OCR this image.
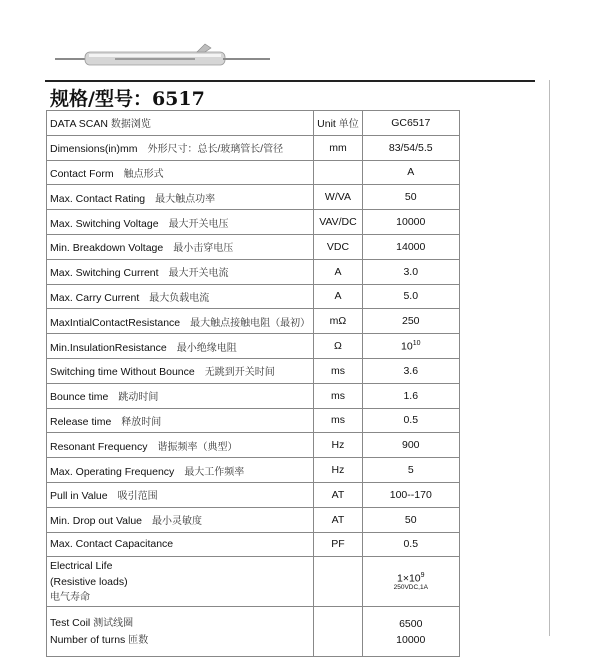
规格/型号：6517
DATA SCAN 数据浏览	Unit 单位	GC6517
Dimensions(in)mm 外形尺寸：总长/玻璃管长/管径	mm	83/54/5.5
Contact Form 触点形式		A
Max. Contact Rating 最大触点功率	W/VA	50
Max. Switching Voltage 最大开关电压	VAV/DC	10000
Min. Breakdown Voltage 最小击穿电压	VDC	14000
Max. Switching Current 最大开关电流	A	3.0
Max. Carry Current 最大负载电流	A	5.0
MaxIntialContactResistance 最大触点接触电阻（最初）	mΩ	250
Min.InsulationResistance 最小绝缘电阻	Ω	$10^{10}$
Switching time Without Bounce 无跳到开关时间	ms	3.6
Bounce time 跳动时间	ms	1.6
Release time 释放时间	ms	0.5
Resonant Frequency 谐振频率（典型）	Hz	900
Max. Operating Frequency 最大工作频率	Hz	5
Pull in Value 吸引范围	AT	100--170
Min. Drop out Value 最小灵敏度	AT	50
Max. Contact Capacitance	PF	0.5

Electrical Life
(Resistive loads)
电气寿命		$1\times 10^9$
250VDC,1A

Test Coil 测试线圈
Number of turns 匝数		6500
10000
